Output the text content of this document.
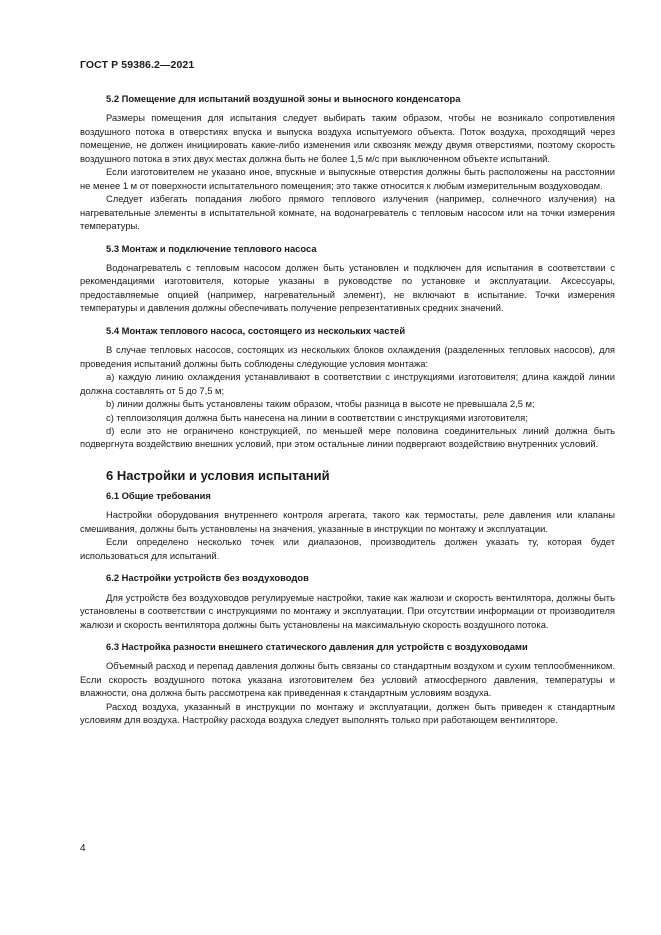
ГОСТ Р 59386.2—2021
5.2 Помещение для испытаний воздушной зоны и выносного конденсатора

Размеры помещения для испытания следует выбирать таким образом, чтобы не возникало сопротивления воздушного потока в отверстиях впуска и выпуска воздуха испытуемого объекта. Поток воздуха, проходящий через помещение, не должен инициировать какие-либо изменения или сквозняк между двумя отверстиями, поэтому скорость воздушного потока в этих двух местах должна быть не более 1,5 м/с при выключенном объекте испытаний.

Если изготовителем не указано иное, впускные и выпускные отверстия должны быть расположены на расстоянии не менее 1 м от поверхности испытательного помещения; это также относится к любым измерительным воздуховодам.

Следует избегать попадания любого прямого теплового излучения (например, солнечного излучения) на нагревательные элементы в испытательной комнате, на водонагреватель с тепловым насосом или на точки измерения температуры.

5.3 Монтаж и подключение теплового насоса

Водонагреватель с тепловым насосом должен быть установлен и подключен для испытания в соответствии с рекомендациями изготовителя, которые указаны в руководстве по установке и эксплуатации. Аксессуары, предоставляемые опцией (например, нагревательный элемент), не включают в испытание. Точки измерения температуры и давления должны обеспечивать получение репрезентативных средних значений.

5.4 Монтаж теплового насоса, состоящего из нескольких частей

В случае тепловых насосов, состоящих из нескольких блоков охлаждения (разделенных тепловых насосов), для проведения испытаний должны быть соблюдены следующие условия монтажа:

а) каждую линию охлаждения устанавливают в соответствии с инструкциями изготовителя; длина каждой линии должна составлять от 5 до 7,5 м;

b) линии должны быть установлены таким образом, чтобы разница в высоте не превышала 2,5 м;

с) теплоизоляция должна быть нанесена на линии в соответствии с инструкциями изготовителя;

d) если это не ограничено конструкцией, по меньшей мере половина соединительных линий должна быть подвергнута воздействию внешних условий, при этом остальные линии подвергают воздействию внутренних условий.

6 Настройки и условия испытаний
6.1 Общие требования

Настройки оборудования внутреннего контроля агрегата, такого как термостаты, реле давления или клапаны смешивания, должны быть установлены на значения, указанные в инструкции по монтажу и эксплуатации.

Если определено несколько точек или диапазонов, производитель должен указать ту, которая будет использоваться для испытаний.

6.2 Настройки устройств без воздуховодов

Для устройств без воздуховодов регулируемые настройки, такие как жалюзи и скорость вентилятора, должны быть установлены в соответствии с инструкциями по монтажу и эксплуатации. При отсутствии информации от производителя жалюзи и скорость вентилятора должны быть установлены на максимальную скорость воздушного потока.

6.3 Настройка разности внешнего статического давления для устройств с воздуховодами

Объемный расход и перепад давления должны быть связаны со стандартным воздухом и сухим теплообменником. Если скорость воздушного потока указана изготовителем без условий атмосферного давления, температуры и влажности, она должна быть рассмотрена как приведенная к стандартным условиям воздуха.

Расход воздуха, указанный в инструкции по монтажу и эксплуатации, должен быть приведен к стандартным условиям для воздуха. Настройку расхода воздуха следует выполнять только при работающем вентиляторе.

4
